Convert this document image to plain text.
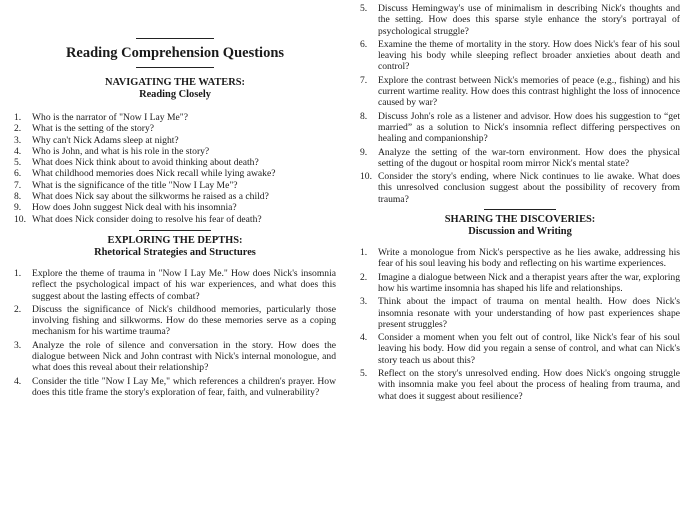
Reading Comprehension Questions
NAVIGATING THE WATERS:
Reading Closely
1.	Who is the narrator of "Now I Lay Me"?
2.	What is the setting of the story?
3.	Why can't Nick Adams sleep at night?
4.	Who is John, and what is his role in the story?
5.	What does Nick think about to avoid thinking about death?
6.	What childhood memories does Nick recall while lying awake?
7.	What is the significance of the title "Now I Lay Me"?
8.	What does Nick say about the silkworms he raised as a child?
9.	How does John suggest Nick deal with his insomnia?
10. What does Nick consider doing to resolve his fear of death?
EXPLORING THE DEPTHS:
Rhetorical Strategies and Structures
1.	Explore the theme of trauma in "Now I Lay Me." How does Nick's insomnia reflect the psychological impact of his war experiences, and what does this suggest about the lasting effects of combat?
2.	Discuss the significance of Nick's childhood memories, particularly those involving fishing and silkworms. How do these memories serve as a coping mechanism for his wartime trauma?
3.	Analyze the role of silence and conversation in the story. How does the dialogue between Nick and John contrast with Nick's internal monologue, and what does this reveal about their relationship?
4.	Consider the title "Now I Lay Me," which references a children's prayer. How does this title frame the story's exploration of fear, faith, and vulnerability?
5.	Discuss Hemingway's use of minimalism in describing Nick's thoughts and the setting. How does this sparse style enhance the story's portrayal of psychological struggle?
6.	Examine the theme of mortality in the story. How does Nick's fear of his soul leaving his body while sleeping reflect broader anxieties about death and control?
7.	Explore the contrast between Nick's memories of peace (e.g., fishing) and his current wartime reality. How does this contrast highlight the loss of innocence caused by war?
8.	Discuss John's role as a listener and advisor. How does his suggestion to “get married” as a solution to Nick's insomnia reflect differing perspectives on healing and companionship?
9.	Analyze the setting of the war-torn environment. How does the physical setting of the dugout or hospital room mirror Nick's mental state?
10. Consider the story's ending, where Nick continues to lie awake. What does this unresolved conclusion suggest about the possibility of recovery from trauma?
SHARING THE DISCOVERIES:
Discussion and Writing
1.	Write a monologue from Nick's perspective as he lies awake, addressing his fear of his soul leaving his body and reflecting on his wartime experiences.
2.	Imagine a dialogue between Nick and a therapist years after the war, exploring how his wartime insomnia has shaped his life and relationships.
3.	Think about the impact of trauma on mental health. How does Nick's insomnia resonate with your understanding of how past experiences shape present struggles?
4.	Consider a moment when you felt out of control, like Nick's fear of his soul leaving his body. How did you regain a sense of control, and what can Nick's story teach us about this?
5.	Reflect on the story's unresolved ending. How does Nick's ongoing struggle with insomnia make you feel about the process of healing from trauma, and what does it suggest about resilience?
